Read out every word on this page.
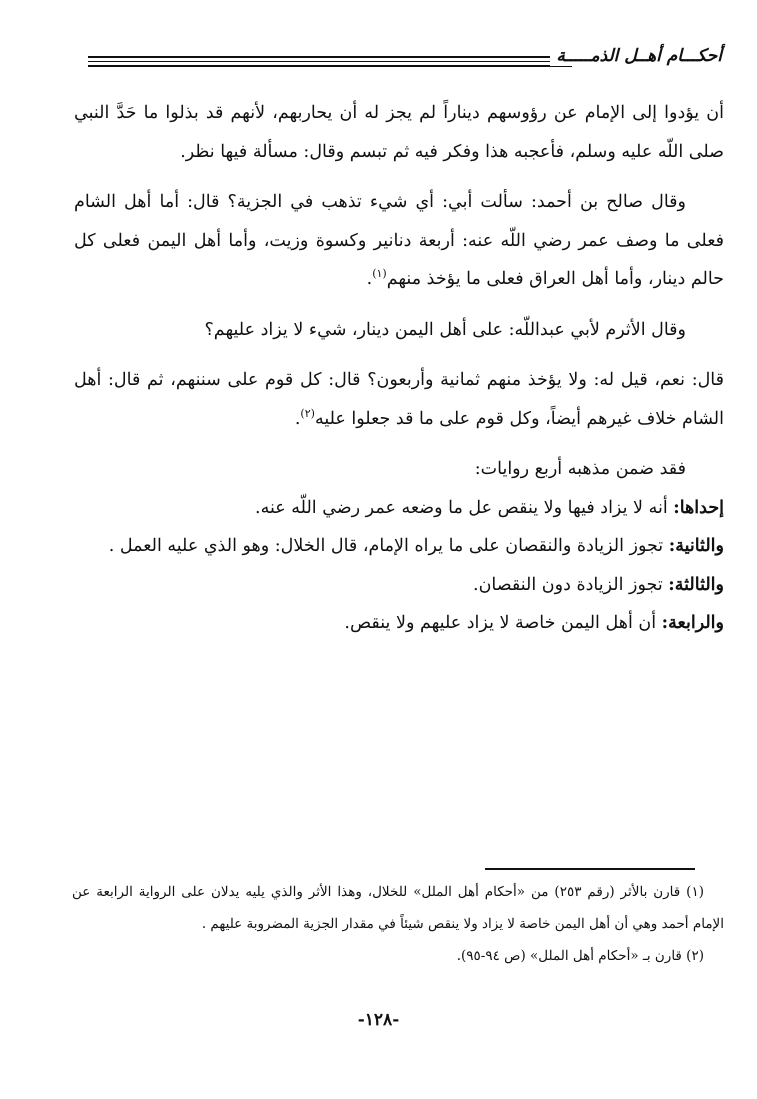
أحكـــام أهــل الذمـــــة

أن يؤدوا إلى الإمام عن رؤوسهم ديناراً لم يجز له أن يحاربهم، لأنهم قد بذلوا ما حَدَّ النبي صلى اللّه عليه وسلم، فأعجبه هذا وفكر فيه ثم تبسم وقال: مسألة فيها نظر.

وقال صالح بن أحمد: سألت أبي: أي شيء تذهب في الجزية؟ قال: أما أهل الشام فعلى ما وصف عمر رضي اللّه عنه: أربعة دنانير وكسوة وزيت، وأما أهل اليمن فعلى كل حالم دينار، وأما أهل العراق فعلى ما يؤخذ منهم$^{(١)}$.

وقال الأثرم لأبي عبداللّه: على أهل اليمن دينار، شيء لا يزاد عليهم؟

قال: نعم، قيل له: ولا يؤخذ منهم ثمانية وأربعون؟ قال: كل قوم على سننهم، ثم قال: أهل الشام خلاف غيرهم أيضاً، وكل قوم على ما قد جعلوا عليه$^{(٢)}$.

فقد ضمن مذهبه أربع روايات:

إحداها: أنه لا يزاد فيها ولا ينقص عل ما وضعه عمر رضي اللّه عنه.

والثانية: تجوز الزيادة والنقصان على ما يراه الإمام، قال الخلال: وهو الذي عليه العمل .

والثالثة: تجوز الزيادة دون النقصان.

والرابعة: أن أهل اليمن خاصة لا يزاد عليهم ولا ينقص.

(١) قارن بالأثر (رقم ٢٥٣) من «أحكام أهل الملل» للخلال، وهذا الأثر والذي يليه يدلان على الرواية الرابعة عن الإمام أحمد وهي أن أهل اليمن خاصة لا يزاد ولا ينقص شيئاً في مقدار الجزية المضروبة عليهم .

(٢) قارن بـ «أحكام أهل الملل» (ص ٩٤-٩٥).

-١٢٨-
